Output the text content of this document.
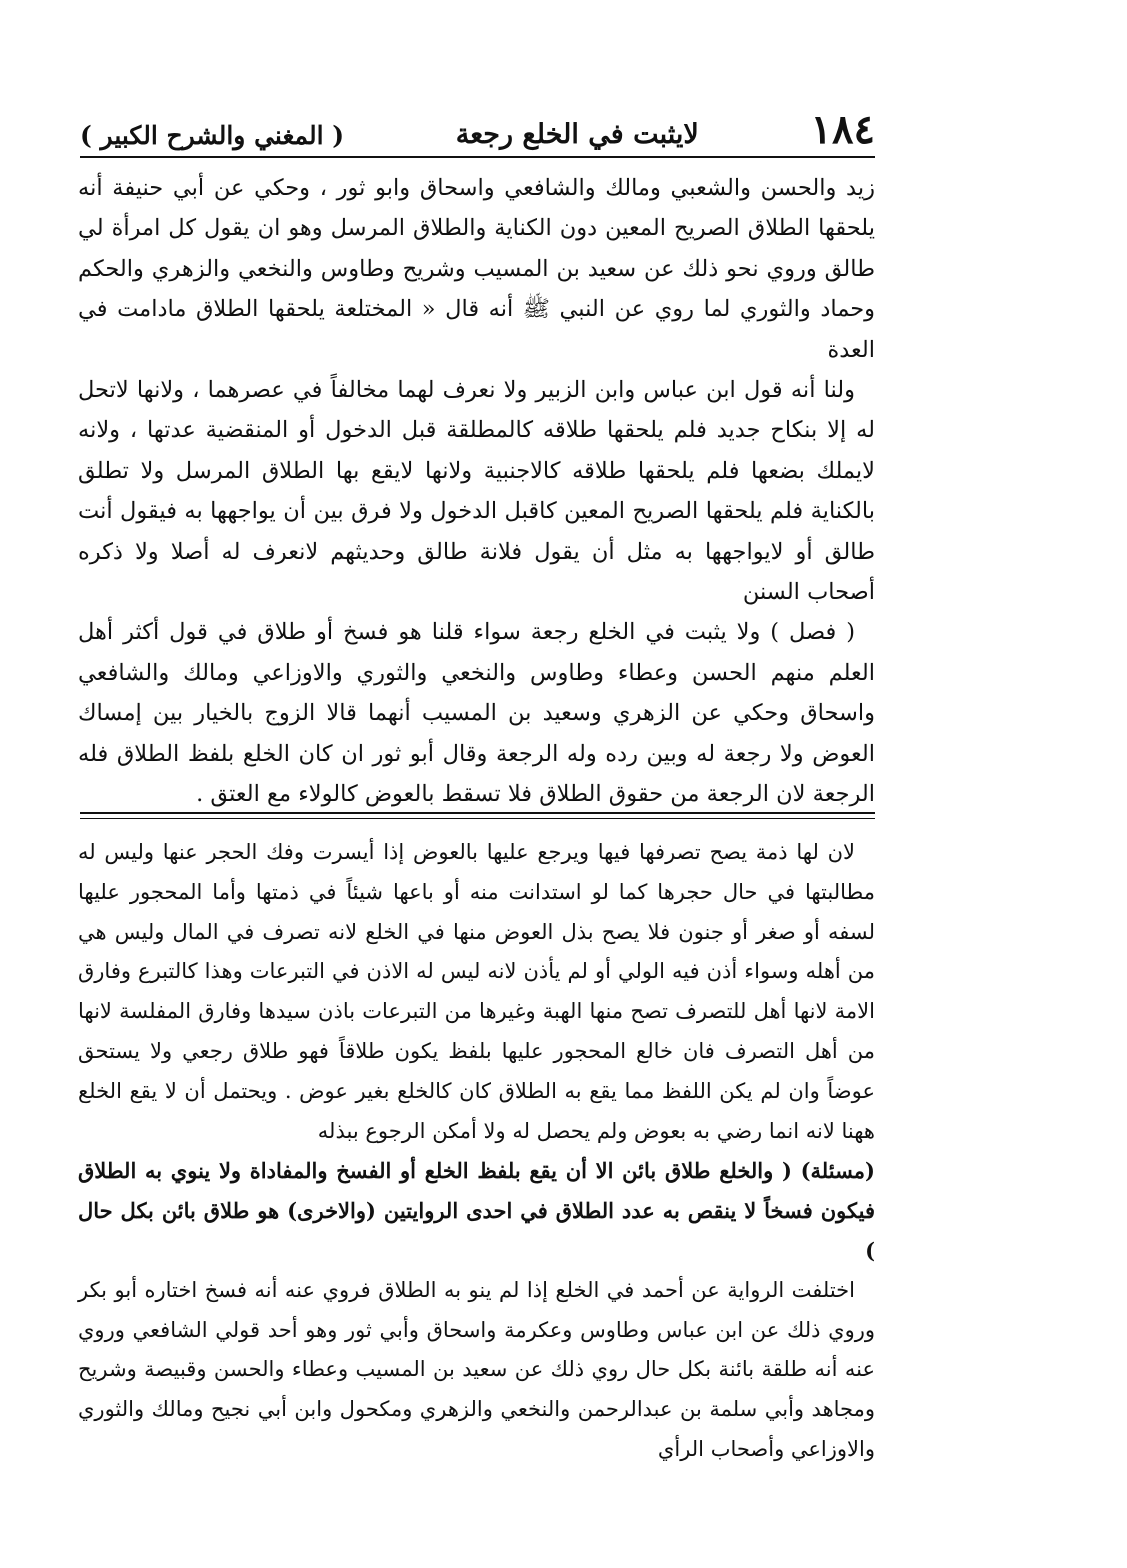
١٨٤
لايثبت في الخلع رجعة
( المغني والشرح الكبير )

زيد والحسن والشعبي ومالك والشافعي واسحاق وابو ثور ، وحكي عن أبي حنيفة أنه يلحقها الطلاق الصريح المعين دون الكناية والطلاق المرسل وهو ان يقول كل امرأة لي طالق وروي نحو ذلك عن سعيد بن المسيب وشريح وطاوس والنخعي والزهري والحكم وحماد والثوري لما روي عن النبي ﷺ أنه قال « المختلعة يلحقها الطلاق مادامت في العدة

ولنا أنه قول ابن عباس وابن الزبير ولا نعرف لهما مخالفاً في عصرهما ، ولانها لاتحل له إلا بنكاح جديد فلم يلحقها طلاقه كالمطلقة قبل الدخول أو المنقضية عدتها ، ولانه لايملك بضعها فلم يلحقها طلاقه كالاجنبية ولانها لايقع بها الطلاق المرسل ولا تطلق بالكناية فلم يلحقها الصريح المعين كاقبل الدخول ولا فرق بين أن يواجهها به فيقول أنت طالق أو لايواجهها به مثل أن يقول فلانة طالق وحديثهم لانعرف له أصلا ولا ذكره أصحاب السنن

( فصل ) ولا يثبت في الخلع رجعة سواء قلنا هو فسخ أو طلاق في قول أكثر أهل العلم منهم الحسن وعطاء وطاوس والنخعي والثوري والاوزاعي ومالك والشافعي واسحاق وحكي عن الزهري وسعيد بن المسيب أنهما قالا الزوج بالخيار بين إمساك العوض ولا رجعة له وبين رده وله الرجعة وقال أبو ثور ان كان الخلع بلفظ الطلاق فله الرجعة لان الرجعة من حقوق الطلاق فلا تسقط بالعوض كالولاء مع العتق .

لان لها ذمة يصح تصرفها فيها ويرجع عليها بالعوض إذا أيسرت وفك الحجر عنها وليس له مطالبتها في حال حجرها كما لو استدانت منه أو باعها شيئاً في ذمتها وأما المحجور عليها لسفه أو صغر أو جنون فلا يصح بذل العوض منها في الخلع لانه تصرف في المال وليس هي من أهله وسواء أذن فيه الولي أو لم يأذن لانه ليس له الاذن في التبرعات وهذا كالتبرع وفارق الامة لانها أهل للتصرف تصح منها الهبة وغيرها من التبرعات باذن سيدها وفارق المفلسة لانها من أهل التصرف فان خالع المحجور عليها بلفظ يكون طلاقاً فهو طلاق رجعي ولا يستحق عوضاً وان لم يكن اللفظ مما يقع به الطلاق كان كالخلع بغير عوض . ويحتمل أن لا يقع الخلع ههنا لانه انما رضي به بعوض ولم يحصل له ولا أمكن الرجوع ببذله

(مسئلة) ( والخلع طلاق بائن الا أن يقع بلفظ الخلع أو الفسخ والمفاداة ولا ينوي به الطلاق فيكون فسخاً لا ينقص به عدد الطلاق في احدى الروايتين (والاخرى) هو طلاق بائن بكل حال )

اختلفت الرواية عن أحمد في الخلع إذا لم ينو به الطلاق فروي عنه أنه فسخ اختاره أبو بكر وروي ذلك عن ابن عباس وطاوس وعكرمة واسحاق وأبي ثور وهو أحد قولي الشافعي وروي عنه أنه طلقة بائنة بكل حال روي ذلك عن سعيد بن المسيب وعطاء والحسن وقبيصة وشريح ومجاهد وأبي سلمة بن عبدالرحمن والنخعي والزهري ومكحول وابن أبي نجيح ومالك والثوري والاوزاعي وأصحاب الرأي
